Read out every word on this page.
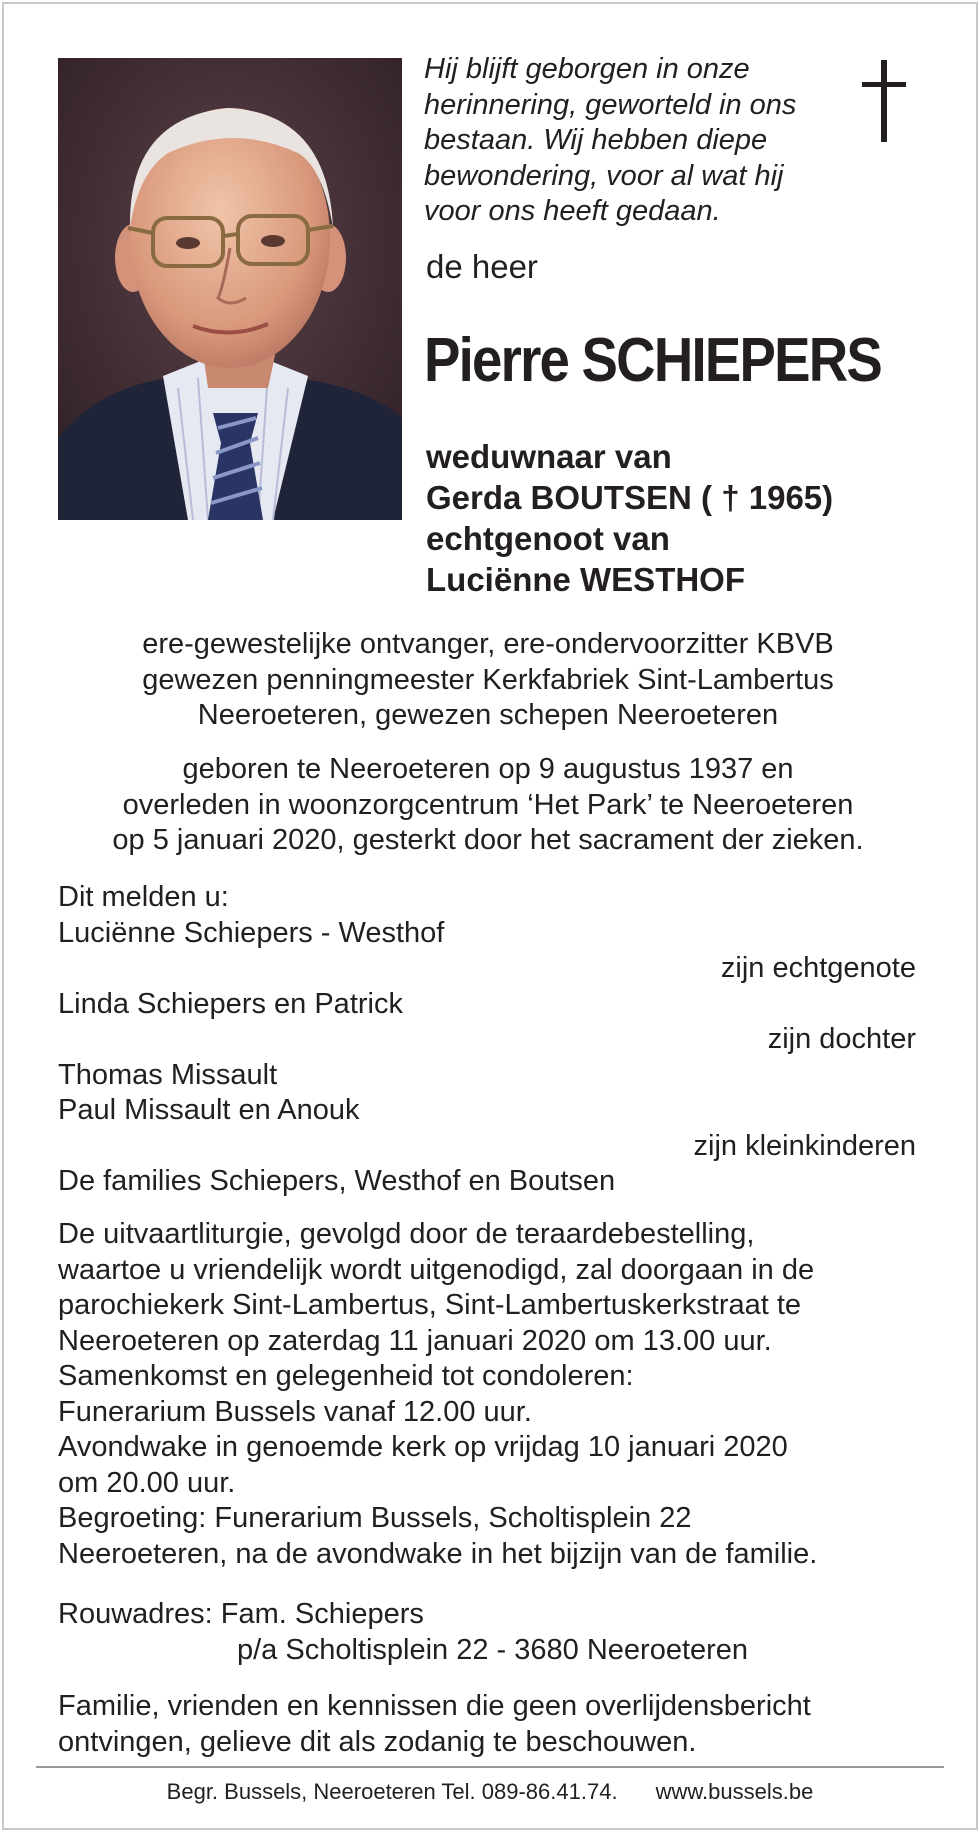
Hij blijft geborgen in onze
herinnering, geworteld in ons
bestaan. Wij hebben diepe
bewondering, voor al wat hij
voor ons heeft gedaan.
de heer
Pierre SCHIEPERS
weduwnaar van
Gerda BOUTSEN ( † 1965)
echtgenoot van
Luciënne WESTHOF
ere-gewestelijke ontvanger, ere-ondervoorzitter KBVB
gewezen penningmeester Kerkfabriek Sint-Lambertus
Neeroeteren, gewezen schepen Neeroeteren
geboren te Neeroeteren op 9 augustus 1937 en
overleden in woonzorgcentrum ‘Het Park’ te Neeroeteren
op 5 januari 2020, gesterkt door het sacrament der zieken.
Dit melden u:
Luciënne Schiepers - Westhof
zijn echtgenote
Linda Schiepers en Patrick
zijn dochter
Thomas Missault
Paul Missault en Anouk
zijn kleinkinderen
De families Schiepers, Westhof en Boutsen
De uitvaartliturgie, gevolgd door de teraardebestelling,
waartoe u vriendelijk wordt uitgenodigd, zal doorgaan in de
parochiekerk Sint-Lambertus, Sint-Lambertuskerkstraat te
Neeroeteren op zaterdag 11 januari 2020 om 13.00 uur.
Samenkomst en gelegenheid tot condoleren:
Funerarium Bussels vanaf 12.00 uur.
Avondwake in genoemde kerk op vrijdag 10 januari 2020
om 20.00 uur.
Begroeting: Funerarium Bussels, Scholtisplein 22
Neeroeteren, na de avondwake in het bijzijn van de familie.
Rouwadres: Fam. Schiepers
p/a Scholtisplein 22 - 3680 Neeroeteren
Familie, vrienden en kennissen die geen overlijdensbericht
ontvingen, gelieve dit als zodanig te beschouwen.
Begr. Bussels, Neeroeteren Tel. 089-86.41.74. www.bussels.be
